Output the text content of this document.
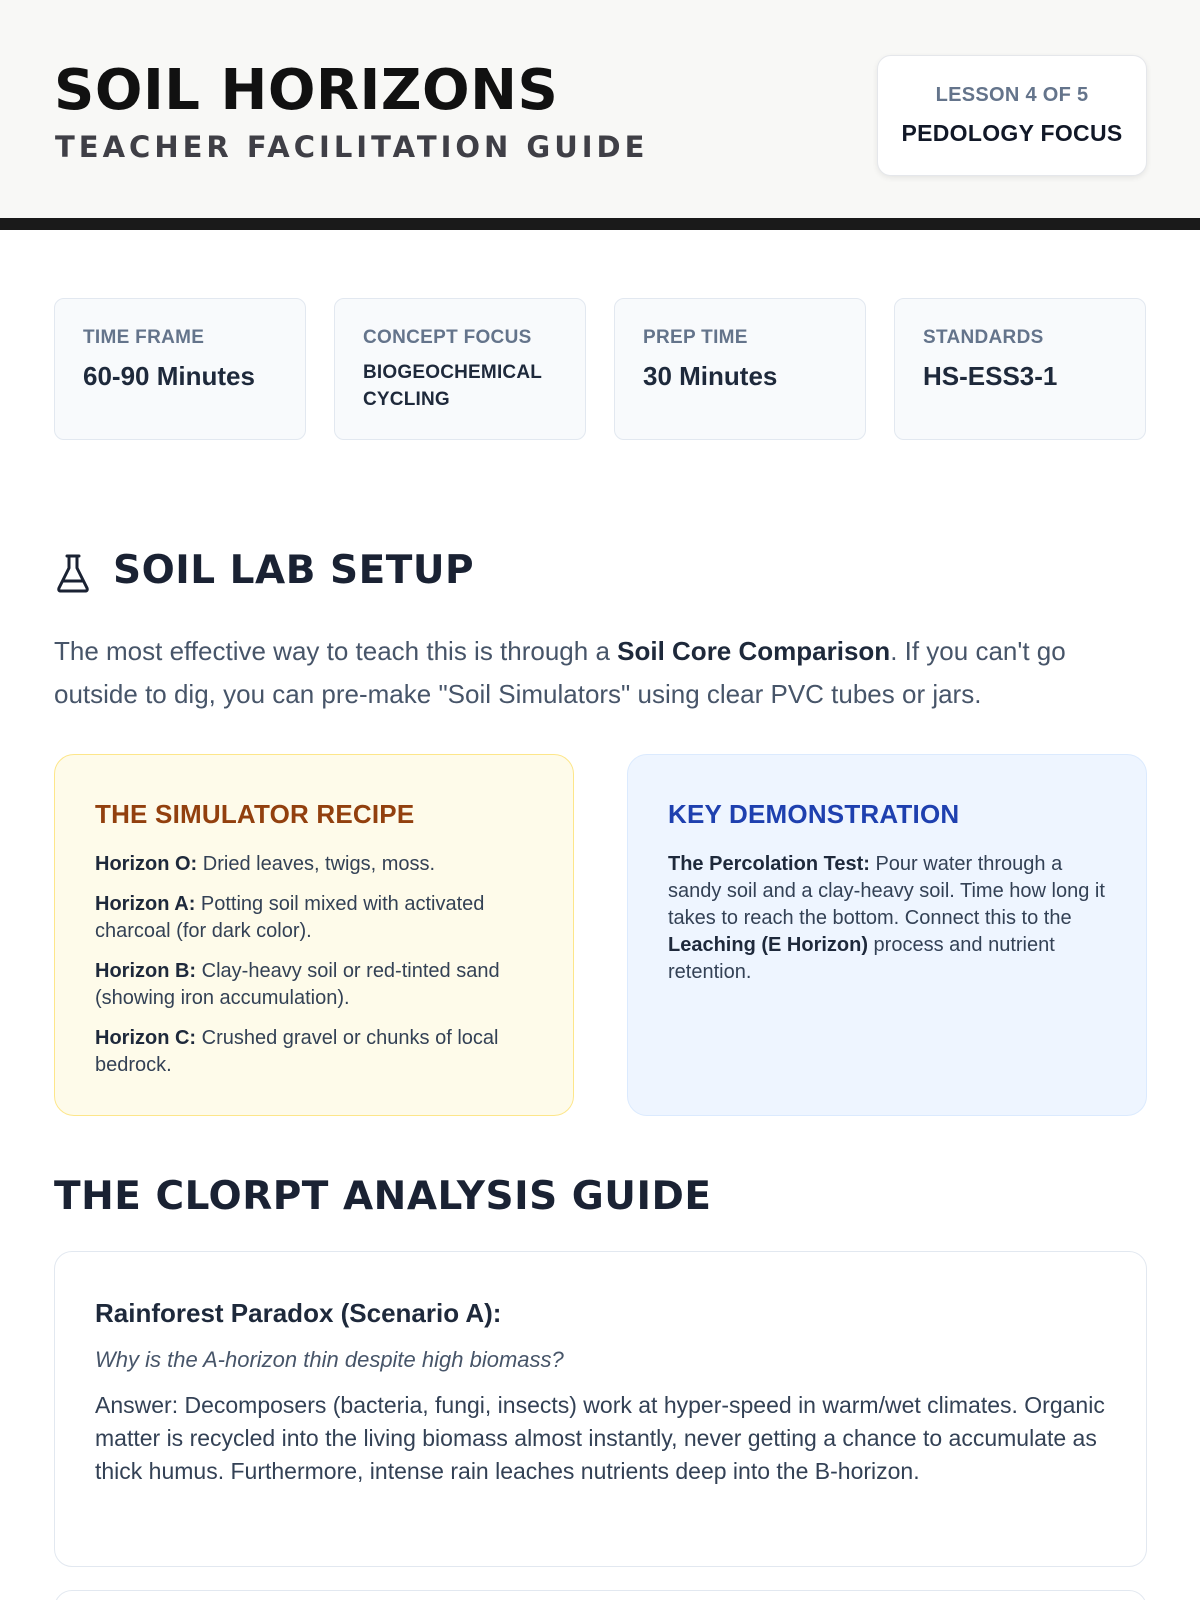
SOIL HORIZONS
TEACHER FACILITATION GUIDE
LESSON 4 OF 5
PEDOLOGY FOCUS
TIME FRAME
60-90 Minutes
CONCEPT FOCUS
BIOGEOCHEMICAL CYCLING
PREP TIME
30 Minutes
STANDARDS
HS-ESS3-1
SOIL LAB SETUP
The most effective way to teach this is through a Soil Core Comparison. If you can't go outside to dig, you can pre-make "Soil Simulators" using clear PVC tubes or jars.
THE SIMULATOR RECIPE
Horizon O: Dried leaves, twigs, moss.
Horizon A: Potting soil mixed with activated charcoal (for dark color).
Horizon B: Clay-heavy soil or red-tinted sand (showing iron accumulation).
Horizon C: Crushed gravel or chunks of local bedrock.
KEY DEMONSTRATION
The Percolation Test: Pour water through a sandy soil and a clay-heavy soil. Time how long it takes to reach the bottom. Connect this to the Leaching (E Horizon) process and nutrient retention.
THE CLORPT ANALYSIS GUIDE
Rainforest Paradox (Scenario A):
Why is the A-horizon thin despite high biomass?
Answer: Decomposers (bacteria, fungi, insects) work at hyper-speed in warm/wet climates. Organic matter is recycled into the living biomass almost instantly, never getting a chance to accumulate as thick humus. Furthermore, intense rain leaches nutrients deep into the B-horizon.
